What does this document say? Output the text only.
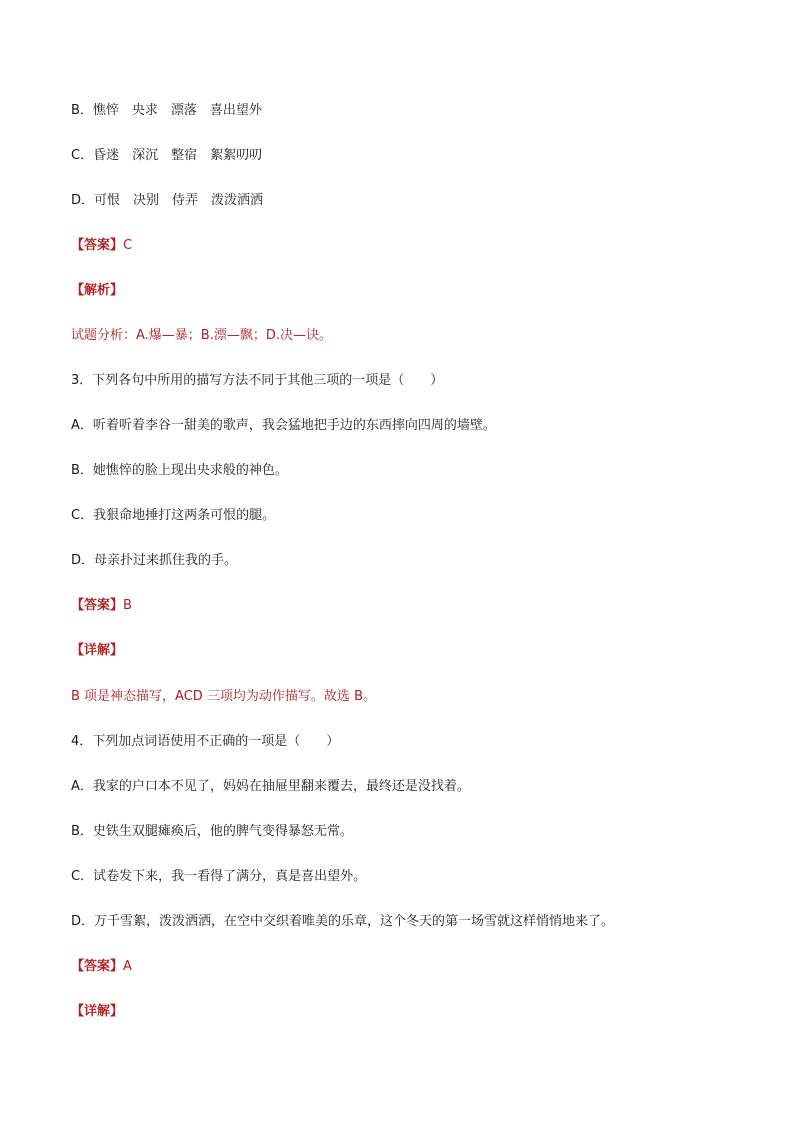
B．憔悴　央求　漂落　喜出望外
C．昏迷　深沉　整宿　絮絮叨叨
D．可恨　决别　侍弄　泼泼洒洒
【答案】C
【解析】
试题分析：A.爆—暴；B.漂—飘；D.决—诀。
3．下列各句中所用的描写方法不同于其他三项的一项是（　　）
A．听着听着李谷一甜美的歌声，我会猛地把手边的东西摔向四周的墙壁。
B．她憔悴的脸上现出央求般的神色。
C．我狠命地捶打这两条可恨的腿。
D．母亲扑过来抓住我的手。
【答案】B
【详解】
B 项是神态描写，ACD 三项均为动作描写。故选 B。
4．下列加点词语使用不正确的一项是（　　）
A．我家的户口本不见了，妈妈在抽屉里翻来覆去，最终还是没找着。
B．史铁生双腿瘫痪后，他的脾气变得暴怒无常。
C．试卷发下来，我一看得了满分，真是喜出望外。
D．万千雪絮，泼泼洒洒，在空中交织着唯美的乐章，这个冬天的第一场雪就这样悄悄地来了。
【答案】A
【详解】
